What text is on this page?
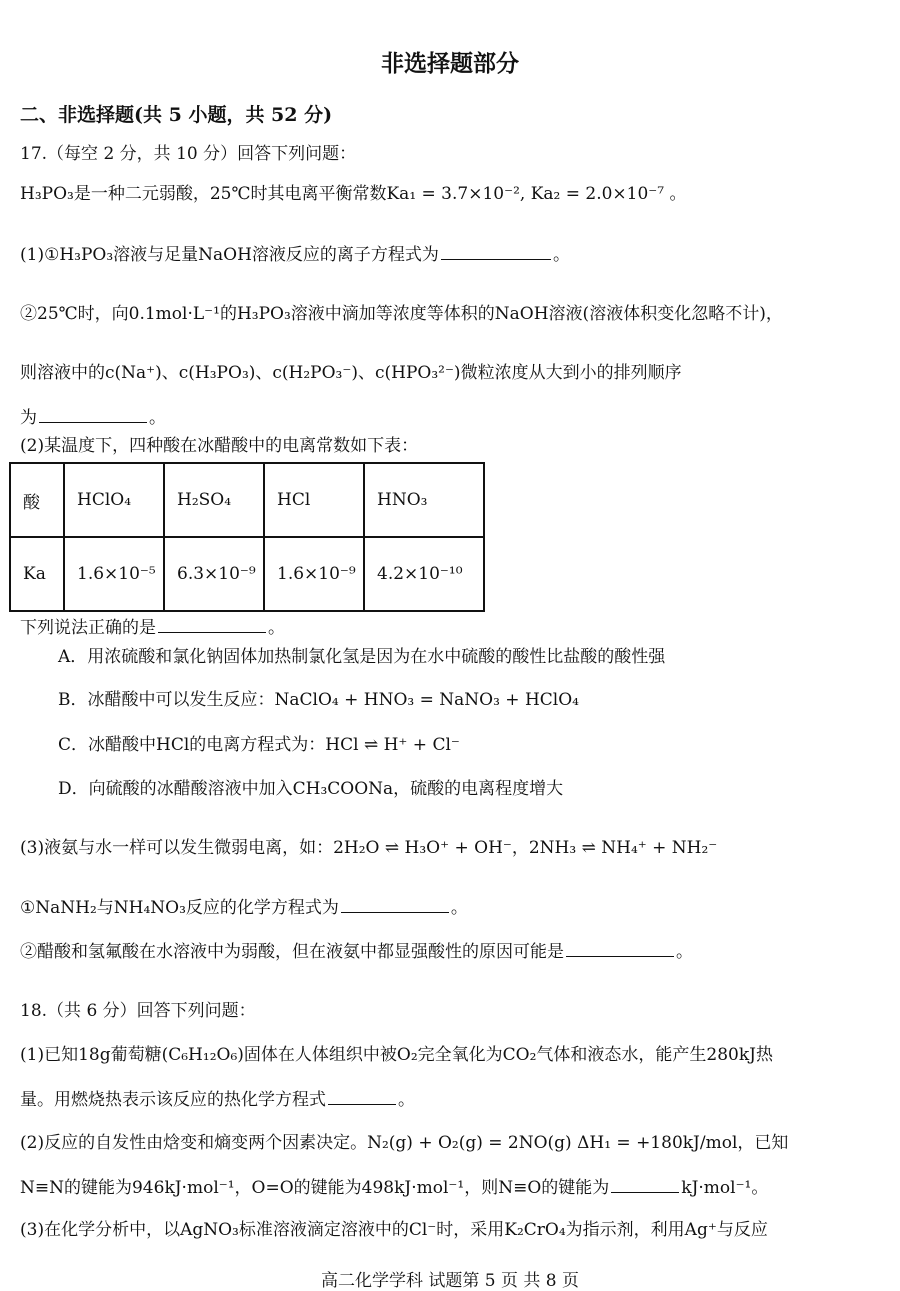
非选择题部分
二、非选择题(共 5 小题，共 52 分)
17.（每空 2 分，共 10 分）回答下列问题：
H₃PO₃是一种二元弱酸，25℃时其电离平衡常数Ka₁ = 3.7×10⁻², Ka₂ = 2.0×10⁻⁷ 。
(1)①H₃PO₃溶液与足量NaOH溶液反应的离子方程式为	。
②25℃时，向0.1mol·L⁻¹的H₃PO₃溶液中滴加等浓度等体积的NaOH溶液(溶液体积变化忽略不计)，
则溶液中的c(Na⁺)、c(H₃PO₃)、c(H₂PO₃⁻)、c(HPO₃²⁻)微粒浓度从大到小的排列顺序
为	。
(2)某温度下，四种酸在冰醋酸中的电离常数如下表：
酸	HClO₄	H₂SO₄	HCl	HNO₃
Ka	1.6×10⁻⁵	6.3×10⁻⁹	1.6×10⁻⁹	4.2×10⁻¹⁰
下列说法正确的是	。
A．用浓硫酸和氯化钠固体加热制氯化氢是因为在水中硫酸的酸性比盐酸的酸性强
B．冰醋酸中可以发生反应：NaClO₄ + HNO₃ = NaNO₃ + HClO₄
C．冰醋酸中HCl的电离方程式为：HCl ⇌ H⁺ + Cl⁻
D．向硫酸的冰醋酸溶液中加入CH₃COONa，硫酸的电离程度增大
(3)液氨与水一样可以发生微弱电离，如：2H₂O ⇌ H₃O⁺ + OH⁻，2NH₃ ⇌ NH₄⁺ + NH₂⁻
①NaNH₂与NH₄NO₃反应的化学方程式为	。
②醋酸和氢氟酸在水溶液中为弱酸，但在液氨中都显强酸性的原因可能是	。
18.（共 6 分）回答下列问题：
(1)已知18g葡萄糖(C₆H₁₂O₆)固体在人体组织中被O₂完全氧化为CO₂气体和液态水，能产生280kJ热
量。用燃烧热表示该反应的热化学方程式	。
(2)反应的自发性由焓变和熵变两个因素决定。N₂(g) + O₂(g) = 2NO(g) ΔH₁ = +180kJ/mol，已知
N≡N的键能为946kJ·mol⁻¹，O=O的键能为498kJ·mol⁻¹，则N≡O的键能为	kJ·mol⁻¹。
(3)在化学分析中，以AgNO₃标准溶液滴定溶液中的Cl⁻时，采用K₂CrO₄为指示剂，利用Ag⁺与反应
高二化学学科 试题第 5 页 共 8 页
